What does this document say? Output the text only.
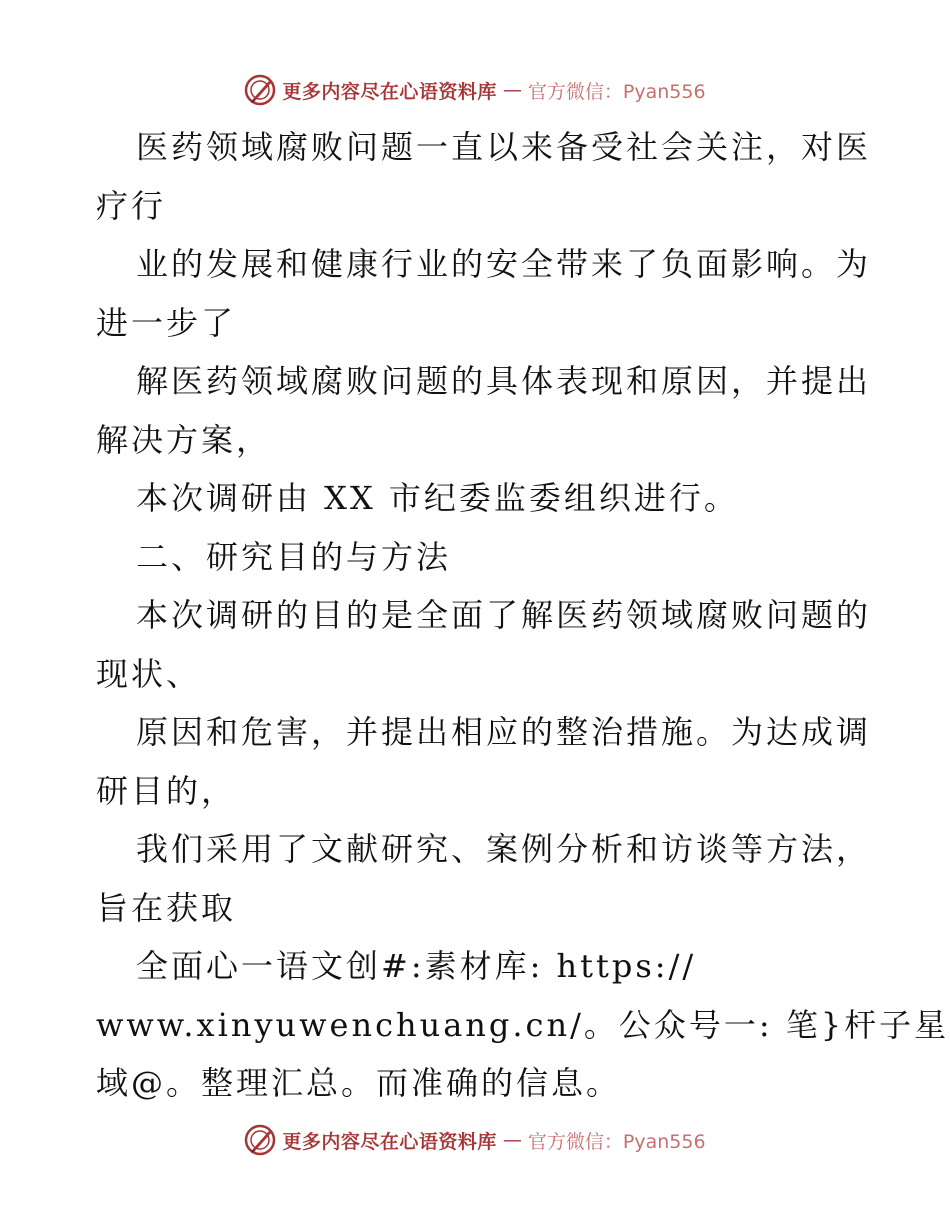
更多内容尽在心语资料库 — 官方微信：Pyan556
医药领域腐败问题一直以来备受社会关注，对医
疗行
业的发展和健康行业的安全带来了负面影响。为
进一步了
解医药领域腐败问题的具体表现和原因，并提出
解决方案，
本次调研由 XX 市纪委监委组织进行。
二、研究目的与方法
本次调研的目的是全面了解医药领域腐败问题的
现状、
原因和危害，并提出相应的整治措施。为达成调
研目的，
我们采用了文献研究、案例分析和访谈等方法，
旨在获取
全面心一语文创#:素材库: https://
www.xinyuwenchuang.cn/。公众号一: 笔}杆子星
域@。整理汇总。而准确的信息。
更多内容尽在心语资料库 — 官方微信：Pyan556
